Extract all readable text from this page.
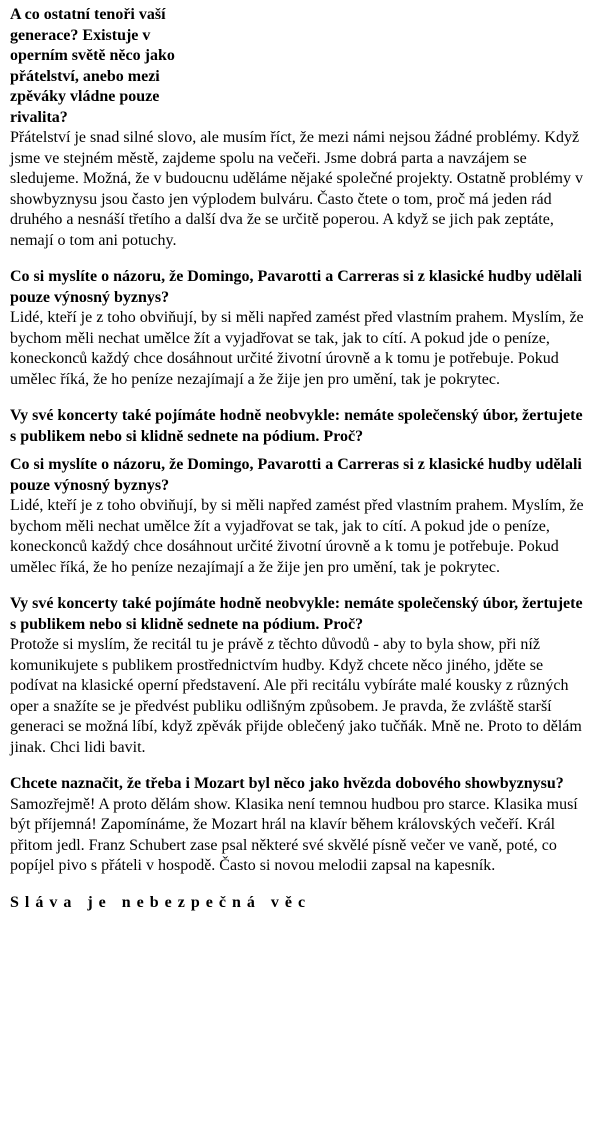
A co ostatní tenoři vaší generace? Existuje v operním světě něco jako přátelství, anebo mezi zpěváky vládne pouze rivalita?

Přátelství je snad silné slovo, ale musím říct, že mezi námi nejsou žádné problémy. Když jsme ve stejném městě, zajdeme spolu na večeři. Jsme dobrá parta a navzájem se sledujeme. Možná, že v budoucnu uděláme nějaké společné projekty. Ostatně problémy v showbyznysu jsou často jen výplodem bulváru. Často čtete o tom, proč má jeden rád druhého a nesnáší třetího a další dva že se určitě poperou. A když se jich pak zeptáte, nemají o tom ani potuchy.

Co si myslíte o názoru, že Domingo, Pavarotti a Carreras si z klasické hudby udělali pouze výnosný byznys?

Lidé, kteří je z toho obviňují, by si měli napřed zamést před vlastním prahem. Myslím, že bychom měli nechat umělce žít a vyjadřovat se tak, jak to cítí. A pokud jde o peníze, koneckonců každý chce dosáhnout určité životní úrovně a k tomu je potřebuje. Pokud umělec říká, že ho peníze nezajímají a že žije jen pro umění, tak je pokrytec.

Vy své koncerty také pojímáte hodně neobvykle: nemáte společenský úbor, žertujete s publikem nebo si klidně sednete na pódium. Proč?

Co si myslíte o názoru, že Domingo, Pavarotti a Carreras si z klasické hudby udělali pouze výnosný byznys?

Lidé, kteří je z toho obviňují, by si měli napřed zamést před vlastním prahem. Myslím, že bychom měli nechat umělce žít a vyjadřovat se tak, jak to cítí. A pokud jde o peníze, koneckonců každý chce dosáhnout určité životní úrovně a k tomu je potřebuje. Pokud umělec říká, že ho peníze nezajímají a že žije jen pro umění, tak je pokrytec.

Vy své koncerty také pojímáte hodně neobvykle: nemáte společenský úbor, žertujete s publikem nebo si klidně sednete na pódium. Proč?

Protože si myslím, že recitál tu je právě z těchto důvodů - aby to byla show, při níž komunikujete s publikem prostřednictvím hudby. Když chcete něco jiného, jděte se podívat na klasické operní představení. Ale při recitálu vybíráte malé kousky z různých oper a snažíte se je předvést publiku odlišným způsobem. Je pravda, že zvláště starší generaci se možná líbí, když zpěvák přijde oblečený jako tučňák. Mně ne. Proto to dělám jinak. Chci lidi bavit.

Chcete naznačit, že třeba i Mozart byl něco jako hvězda dobového showbyznysu?

Samozřejmě! A proto dělám show. Klasika není temnou hudbou pro starce. Klasika musí být příjemná! Zapomínáme, že Mozart hrál na klavír během královských večeří. Král přitom jedl. Franz Schubert zase psal některé své skvělé písně večer ve vaně, poté, co popíjel pivo s přáteli v hospodě. Často si novou melodii zapsal na kapesník.

Sláva je nebezpečná věc
